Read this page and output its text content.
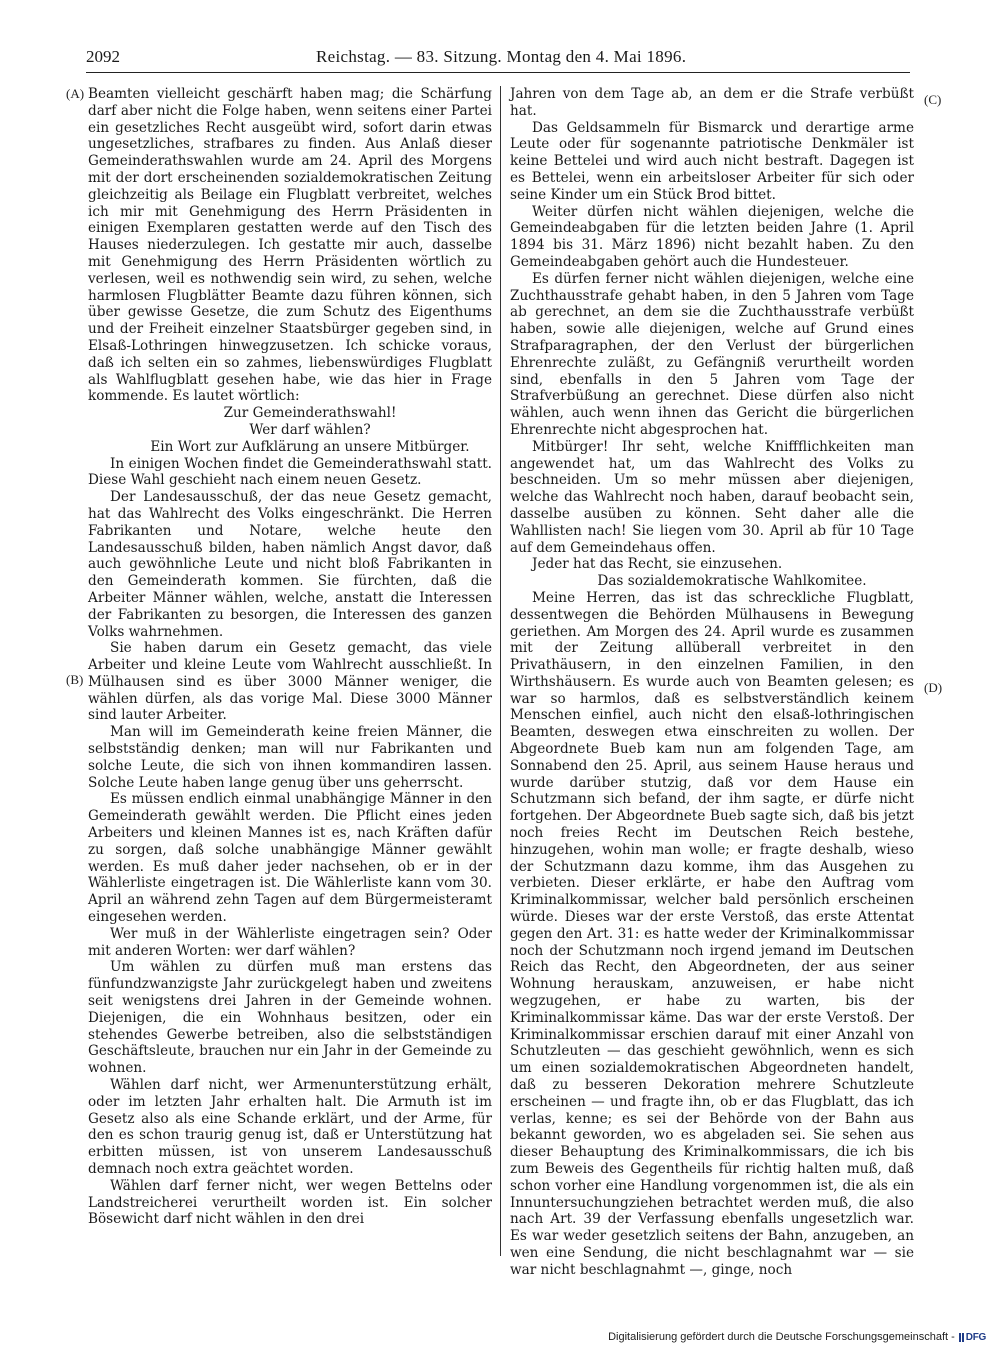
2092	Reichstag. — 83. Sitzung. Montag den 4. Mai 1896.
(A)
(B)
(C)
(D)

Beamten vielleicht geschärft haben mag; die Schärfung darf aber nicht die Folge haben, wenn seitens einer Partei ein gesetzliches Recht ausgeübt wird, sofort darin etwas ungesetzliches, strafbares zu finden. Aus Anlaß dieser Gemeinderathswahlen wurde am 24. April des Morgens mit der dort erscheinenden sozialdemokratischen Zeitung gleichzeitig als Beilage ein Flugblatt verbreitet, welches ich mir mit Genehmigung des Herrn Präsidenten in einigen Exemplaren gestatten werde auf den Tisch des Hauses niederzulegen. Ich gestatte mir auch, dasselbe mit Genehmigung des Herrn Präsidenten wörtlich zu verlesen, weil es nothwendig sein wird, zu sehen, welche harmlosen Flugblätter Beamte dazu führen können, sich über gewisse Gesetze, die zum Schutz des Eigenthums und der Freiheit einzelner Staatsbürger gegeben sind, in Elsaß-Lothringen hinwegzusetzen. Ich schicke voraus, daß ich selten ein so zahmes, liebenswürdiges Flugblatt als Wahlflugblatt gesehen habe, wie das hier in Frage kommende. Es lautet wörtlich:

Zur Gemeinderathswahl!

Wer darf wählen?

Ein Wort zur Aufklärung an unsere Mitbürger.

In einigen Wochen findet die Gemeinderathswahl statt. Diese Wahl geschieht nach einem neuen Gesetz.

Der Landesausschuß, der das neue Gesetz gemacht, hat das Wahlrecht des Volks eingeschränkt. Die Herren Fabrikanten und Notare, welche heute den Landesausschuß bilden, haben nämlich Angst davor, daß auch gewöhnliche Leute und nicht bloß Fabrikanten in den Gemeinderath kommen. Sie fürchten, daß die Arbeiter Männer wählen, welche, anstatt die Interessen der Fabrikanten zu besorgen, die Interessen des ganzen Volks wahrnehmen.

Sie haben darum ein Gesetz gemacht, das viele Arbeiter und kleine Leute vom Wahlrecht ausschließt. In Mülhausen sind es über 3000 Männer weniger, die wählen dürfen, als das vorige Mal. Diese 3000 Männer sind lauter Arbeiter.

Man will im Gemeinderath keine freien Männer, die selbstständig denken; man will nur Fabrikanten und solche Leute, die sich von ihnen kommandiren lassen. Solche Leute haben lange genug über uns geherrscht.

Es müssen endlich einmal unabhängige Männer in den Gemeinderath gewählt werden. Die Pflicht eines jeden Arbeiters und kleinen Mannes ist es, nach Kräften dafür zu sorgen, daß solche unabhängige Männer gewählt werden. Es muß daher jeder nachsehen, ob er in der Wählerliste eingetragen ist. Die Wählerliste kann vom 30. April an während zehn Tagen auf dem Bürgermeisteramt eingesehen werden.

Wer muß in der Wählerliste eingetragen sein? Oder mit anderen Worten: wer darf wählen?

Um wählen zu dürfen muß man erstens das fünfundzwanzigste Jahr zurückgelegt haben und zweitens seit wenigstens drei Jahren in der Gemeinde wohnen. Diejenigen, die ein Wohnhaus besitzen, oder ein stehendes Gewerbe betreiben, also die selbstständigen Geschäftsleute, brauchen nur ein Jahr in der Gemeinde zu wohnen.

Wählen darf nicht, wer Armenunterstützung erhält, oder im letzten Jahr erhalten halt. Die Armuth ist im Gesetz also als eine Schande erklärt, und der Arme, für den es schon traurig genug ist, daß er Unterstützung hat erbitten müssen, ist von unserem Landesausschuß demnach noch extra geächtet worden.

Wählen darf ferner nicht, wer wegen Bettelns oder Landstreicherei verurtheilt worden ist. Ein solcher Bösewicht darf nicht wählen in den drei

Jahren von dem Tage ab, an dem er die Strafe verbüßt hat.

Das Geldsammeln für Bismarck und derartige arme Leute oder für sogenannte patriotische Denkmäler ist keine Bettelei und wird auch nicht bestraft. Dagegen ist es Bettelei, wenn ein arbeitsloser Arbeiter für sich oder seine Kinder um ein Stück Brod bittet.

Weiter dürfen nicht wählen diejenigen, welche die Gemeindeabgaben für die letzten beiden Jahre (1. April 1894 bis 31. März 1896) nicht bezahlt haben. Zu den Gemeindeabgaben gehört auch die Hundesteuer.

Es dürfen ferner nicht wählen diejenigen, welche eine Zuchthausstrafe gehabt haben, in den 5 Jahren vom Tage ab gerechnet, an dem sie die Zuchthausstrafe verbüßt haben, sowie alle diejenigen, welche auf Grund eines Strafparagraphen, der den Verlust der bürgerlichen Ehrenrechte zuläßt, zu Gefängniß verurtheilt worden sind, ebenfalls in den 5 Jahren vom Tage der Strafverbüßung an gerechnet. Diese dürfen also nicht wählen, auch wenn ihnen das Gericht die bürgerlichen Ehrenrechte nicht abgesprochen hat.

Mitbürger! Ihr seht, welche Kniffflichkeiten man angewendet hat, um das Wahlrecht des Volks zu beschneiden. Um so mehr müssen aber diejenigen, welche das Wahlrecht noch haben, darauf beobacht sein, dasselbe ausüben zu können. Seht daher alle die Wahllisten nach! Sie liegen vom 30. April ab für 10 Tage auf dem Gemeindehaus offen.

Jeder hat das Recht, sie einzusehen.

Das sozialdemokratische Wahlkomitee.

Meine Herren, das ist das schreckliche Flugblatt, dessentwegen die Behörden Mülhausens in Bewegung geriethen. Am Morgen des 24. April wurde es zusammen mit der Zeitung allüberall verbreitet in den Privathäusern, in den einzelnen Familien, in den Wirthshäusern. Es wurde auch von Beamten gelesen; es war so harmlos, daß es selbstverständlich keinem Menschen einfiel, auch nicht den elsaß-lothringischen Beamten, deswegen etwa einschreiten zu wollen. Der Abgeordnete Bueb kam nun am folgenden Tage, am Sonnabend den 25. April, aus seinem Hause heraus und wurde darüber stutzig, daß vor dem Hause ein Schutzmann sich befand, der ihm sagte, er dürfe nicht fortgehen. Der Abgeordnete Bueb sagte sich, daß bis jetzt noch freies Recht im Deutschen Reich bestehe, hinzugehen, wohin man wolle; er fragte deshalb, wieso der Schutzmann dazu komme, ihm das Ausgehen zu verbieten. Dieser erklärte, er habe den Auftrag vom Kriminalkommissar, welcher bald persönlich erscheinen würde. Dieses war der erste Verstoß, das erste Attentat gegen den Art. 31: es hatte weder der Kriminalkommissar noch der Schutzmann noch irgend jemand im Deutschen Reich das Recht, den Abgeordneten, der aus seiner Wohnung herauskam, anzuweisen, er habe nicht wegzugehen, er habe zu warten, bis der Kriminalkommissar käme. Das war der erste Verstoß. Der Kriminalkommissar erschien darauf mit einer Anzahl von Schutzleuten — das geschieht gewöhnlich, wenn es sich um einen sozialdemokratischen Abgeordneten handelt, daß zu besseren Dekoration mehrere Schutzleute erscheinen — und fragte ihn, ob er das Flugblatt, das ich verlas, kenne; es sei der Behörde von der Bahn aus bekannt geworden, wo es abgeladen sei. Sie sehen aus dieser Behauptung des Kriminalkommissars, die ich bis zum Beweis des Gegentheils für richtig halten muß, daß schon vorher eine Handlung vorgenommen ist, die als ein Innuntersuchungziehen betrachtet werden muß, die also nach Art. 39 der Verfassung ebenfalls ungesetzlich war. Es war weder gesetzlich seitens der Bahn, anzugeben, an wen eine Sendung, die nicht beschlagnahmt war — sie war nicht beschlagnahmt —, ginge, noch

Digitalisierung gefördert durch die Deutsche Forschungsgemeinschaft - DFG
